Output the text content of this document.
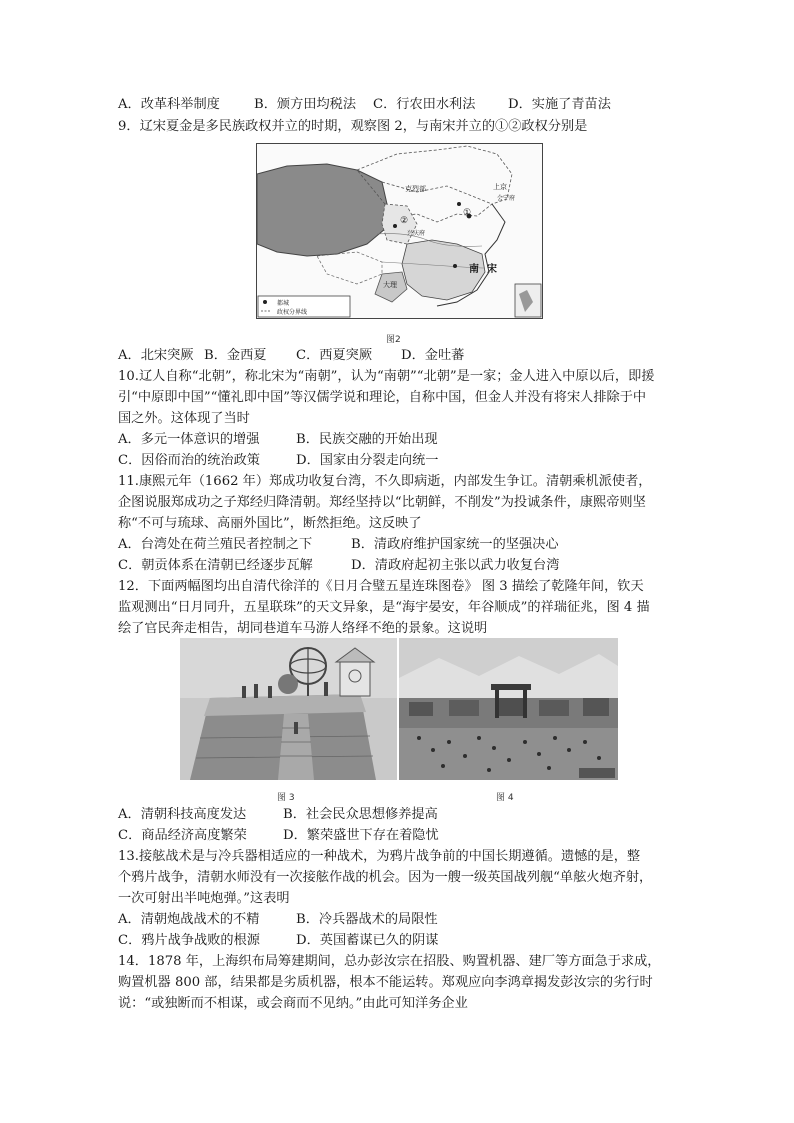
A．改革科举制度	B．颁方田均税法 C．行农田水利法 D．实施了青苗法
9．辽宋夏金是多民族政权并立的时期，观察图 2，与南宋并立的①②政权分别是
克烈部	上京
会宁府
①
②
兴庆府
南宋
大理
都城
政权分界线
图2
A．北宋突厥 B．金西夏 C．西夏突厥 D．金吐蕃
10.辽人自称“北朝”，称北宋为“南朝”，认为“南朝”“北朝”是一家；金人进入中原以后，即援
引“中原即中国”“懂礼即中国”等汉儒学说和理论，自称中国，但金人并没有将宋人排除于中
国之外。这体现了当时
A．多元一体意识的增强	B．民族交融的开始出现
C．因俗而治的统治政策	D．国家由分裂走向统一
11.康熙元年（1662 年）郑成功收复台湾，不久即病逝，内部发生争讧。清朝乘机派使者，
企图说服郑成功之子郑经归降清朝。郑经坚持以“比朝鲜，不削发”为投诚条件，康熙帝则坚
称“不可与琉球、高丽外国比”，断然拒绝。这反映了
A．台湾处在荷兰殖民者控制之下	B．清政府维护国家统一的坚强决心
C．朝贡体系在清朝已经逐步瓦解	D．清政府起初主张以武力收复台湾
12．下面两幅图均出自清代徐洋的《日月合璧五星连珠图卷》 图 3 描绘了乾隆年间，钦天
监观测出“日月同升，五星联珠”的天文异象，是“海宇晏安，年谷顺成”的祥瑞征兆，图 4 描
绘了官民奔走相告，胡同巷道车马游人络绎不绝的景象。这说明
图 3	图 4
A．清朝科技高度发达	B．社会民众思想修养提高
C．商品经济高度繁荣	D．繁荣盛世下存在着隐忧
13.接舷战术是与冷兵器相适应的一种战术，为鸦片战争前的中国长期遵循。遗憾的是，整
个鸦片战争，清朝水师没有一次接舷作战的机会。因为一艘一级英国战列舰“单舷火炮齐射，
一次可射出半吨炮弹。”这表明
A．清朝炮战战术的不精	B．冷兵器战术的局限性
C．鸦片战争战败的根源	D．英国蓄谋已久的阴谋
14．1878 年，上海织布局筹建期间，总办彭汝宗在招股、购置机器、建厂等方面急于求成，
购置机器 800 部，结果都是劣质机器，根本不能运转。郑观应向李鸿章揭发彭汝宗的劣行时
说：“或独断而不相谋，或会商而不见纳。”由此可知洋务企业
